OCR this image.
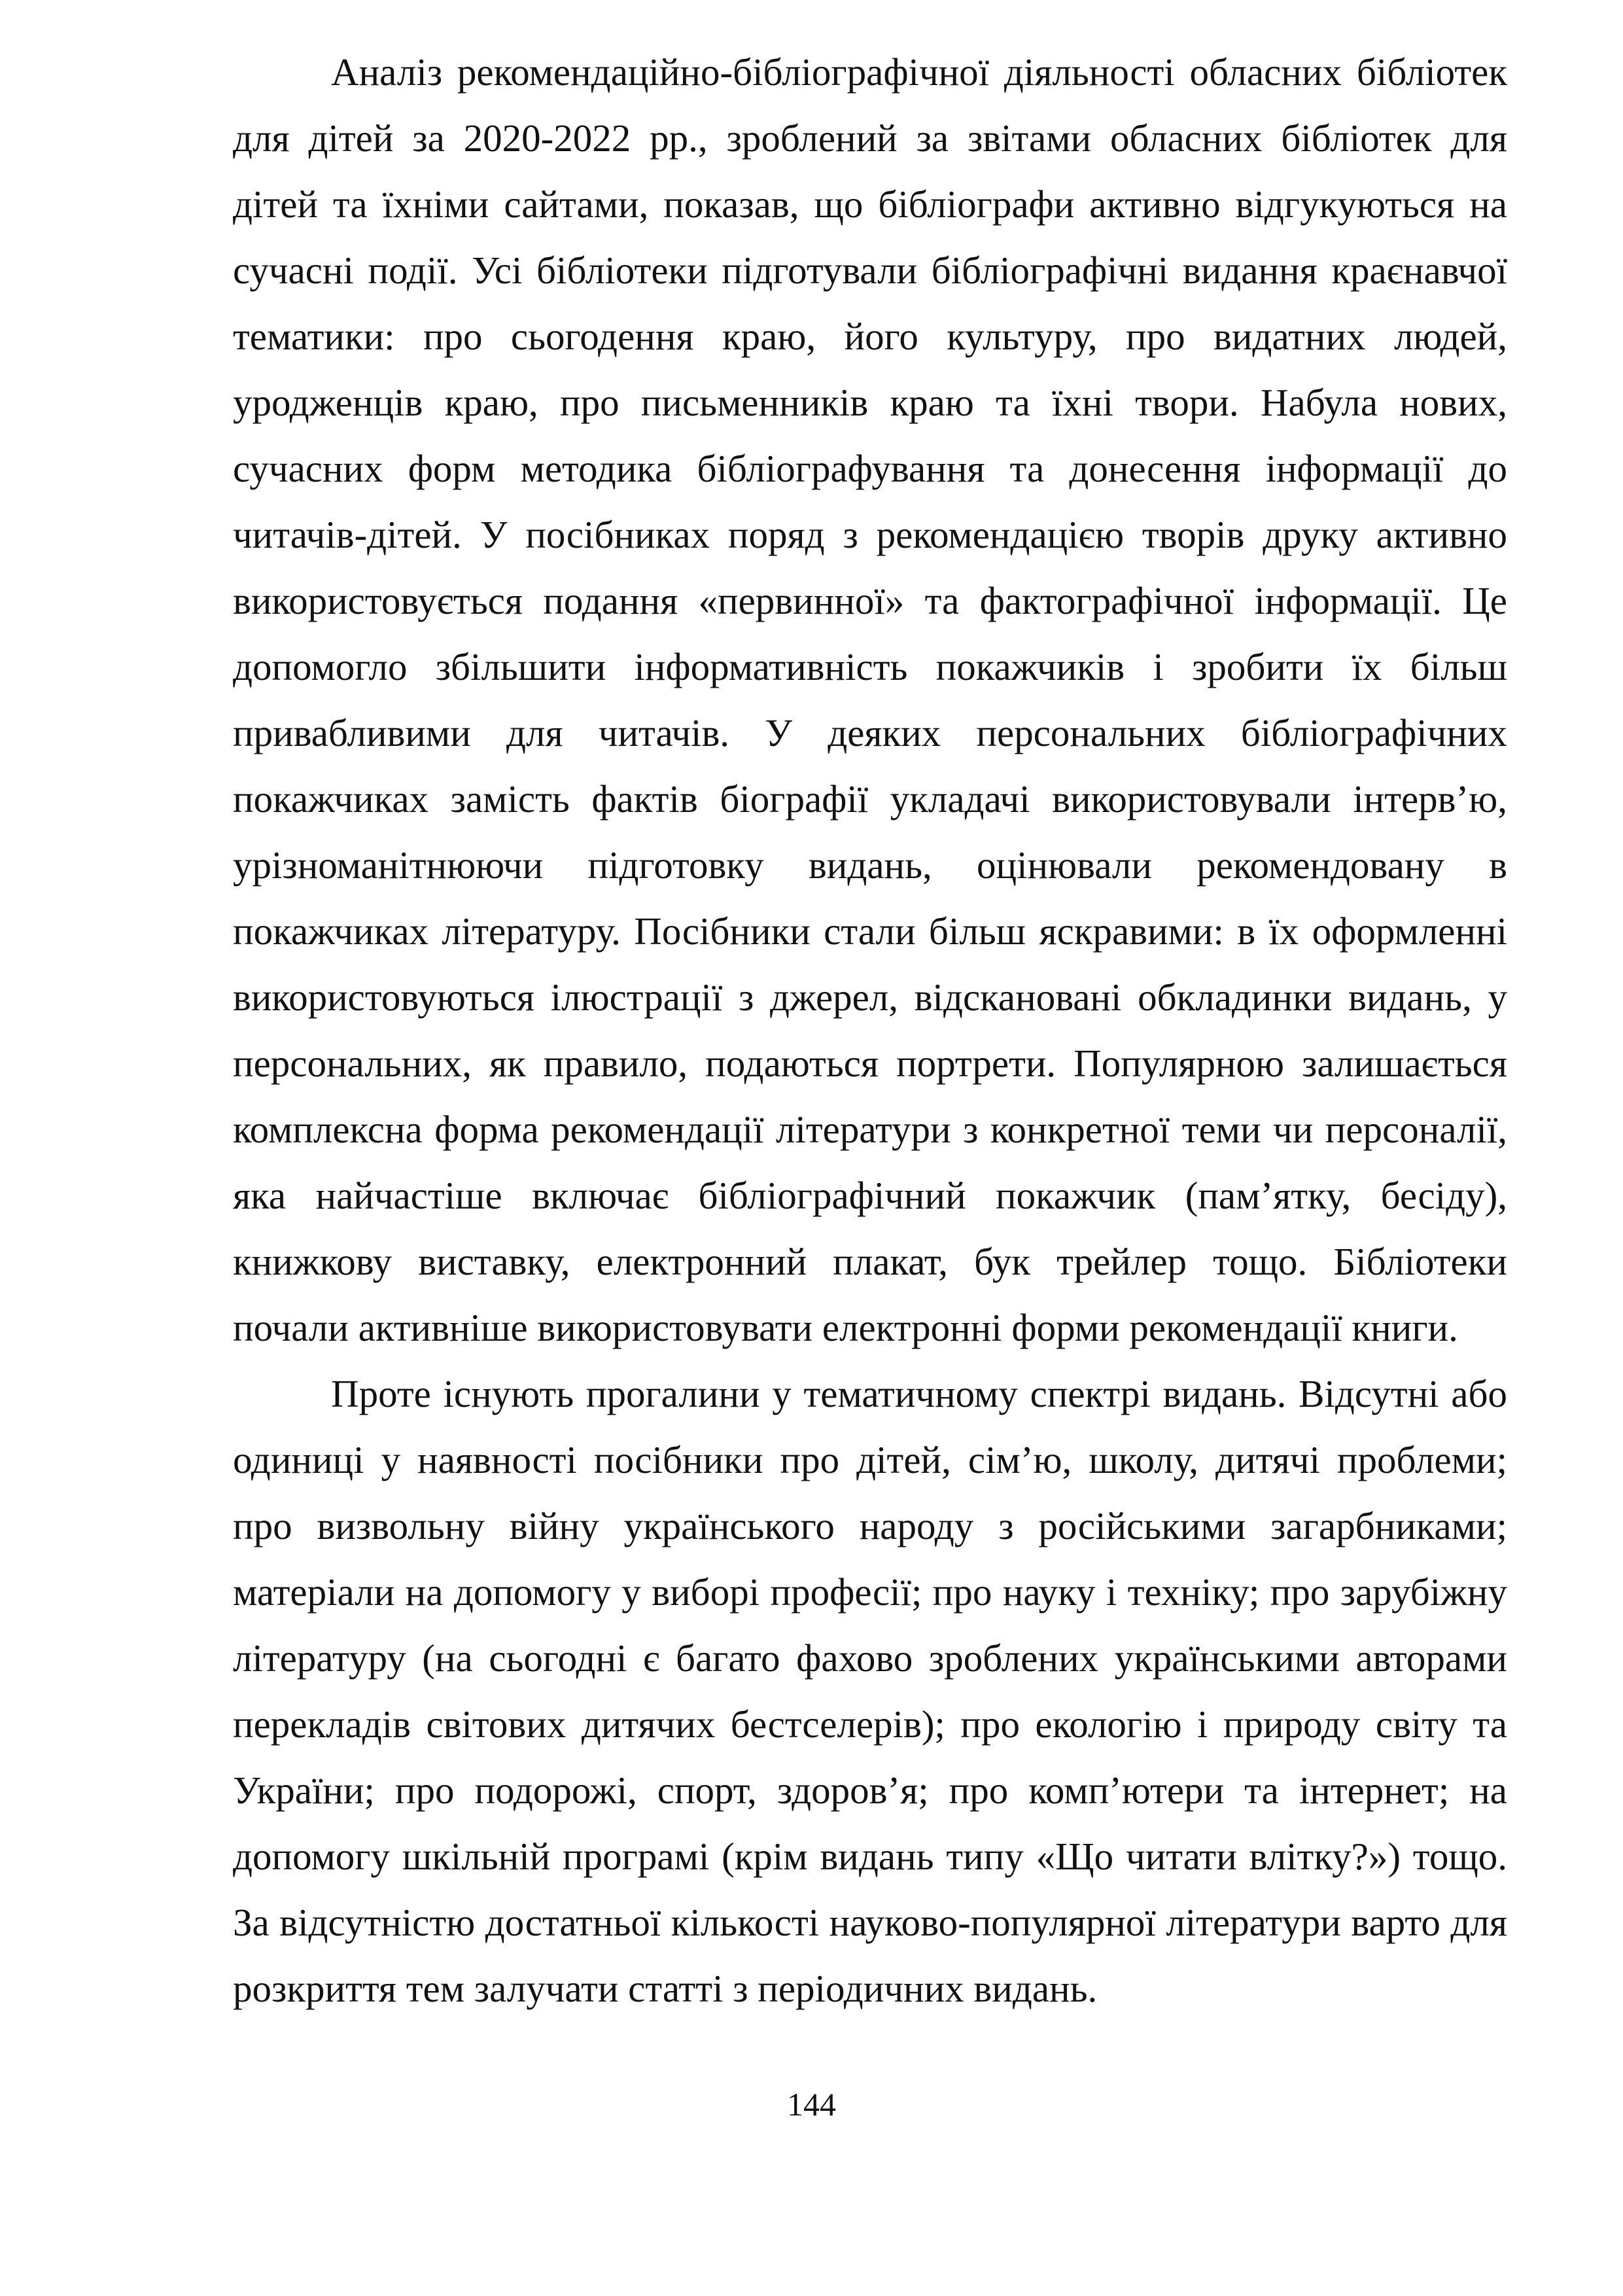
Аналіз рекомендаційно-бібліографічної діяльності обласних бібліотек для дітей за 2020-2022 рр., зроблений за звітами обласних бібліотек для дітей та їхніми сайтами, показав, що бібліографи активно відгукуються на сучасні події. Усі бібліотеки підготували бібліографічні видання краєнавчої тематики: про сьогодення краю, його культуру, про видатних людей, уродженців краю, про письменників краю та їхні твори. Набула нових, сучасних форм методика бібліографування та донесення інформації до читачів-дітей. У посібниках поряд з рекомендацією творів друку активно використовується подання «первинної» та фактографічної інформації. Це допомогло збільшити інформативність покажчиків і зробити їх більш привабливими для читачів. У деяких персональних бібліографічних покажчиках замість фактів біографії укладачі використовували інтерв’ю, урізноманітнюючи підготовку видань, оцінювали рекомендовану в покажчиках літературу. Посібники стали більш яскравими: в їх оформленні використовуються ілюстрації з джерел, відскановані обкладинки видань, у персональних, як правило, подаються портрети. Популярною залишається комплексна форма рекомендації літератури з конкретної теми чи персоналії, яка найчастіше включає бібліографічний покажчик (пам’ятку, бесіду), книжкову виставку, електронний плакат, бук трейлер тощо. Бібліотеки почали активніше використовувати електронні форми рекомендації книги.

Проте існують прогалини у тематичному спектрі видань. Відсутні або одиниці у наявності посібники про дітей, сім’ю, школу, дитячі проблеми; про визвольну війну українського народу з російськими загарбниками; матеріали на допомогу у виборі професії; про науку і техніку; про зарубіжну літературу (на сьогодні є багато фахово зроблених українськими авторами перекладів світових дитячих бестселерів); про екологію і природу світу та України; про подорожі, спорт, здоров’я; про комп’ютери та інтернет; на допомогу шкільній програмі (крім видань типу «Що читати влітку?») тощо. За відсутністю достатньої кількості науково-популярної літератури варто для розкриття тем залучати статті з періодичних видань.

144
